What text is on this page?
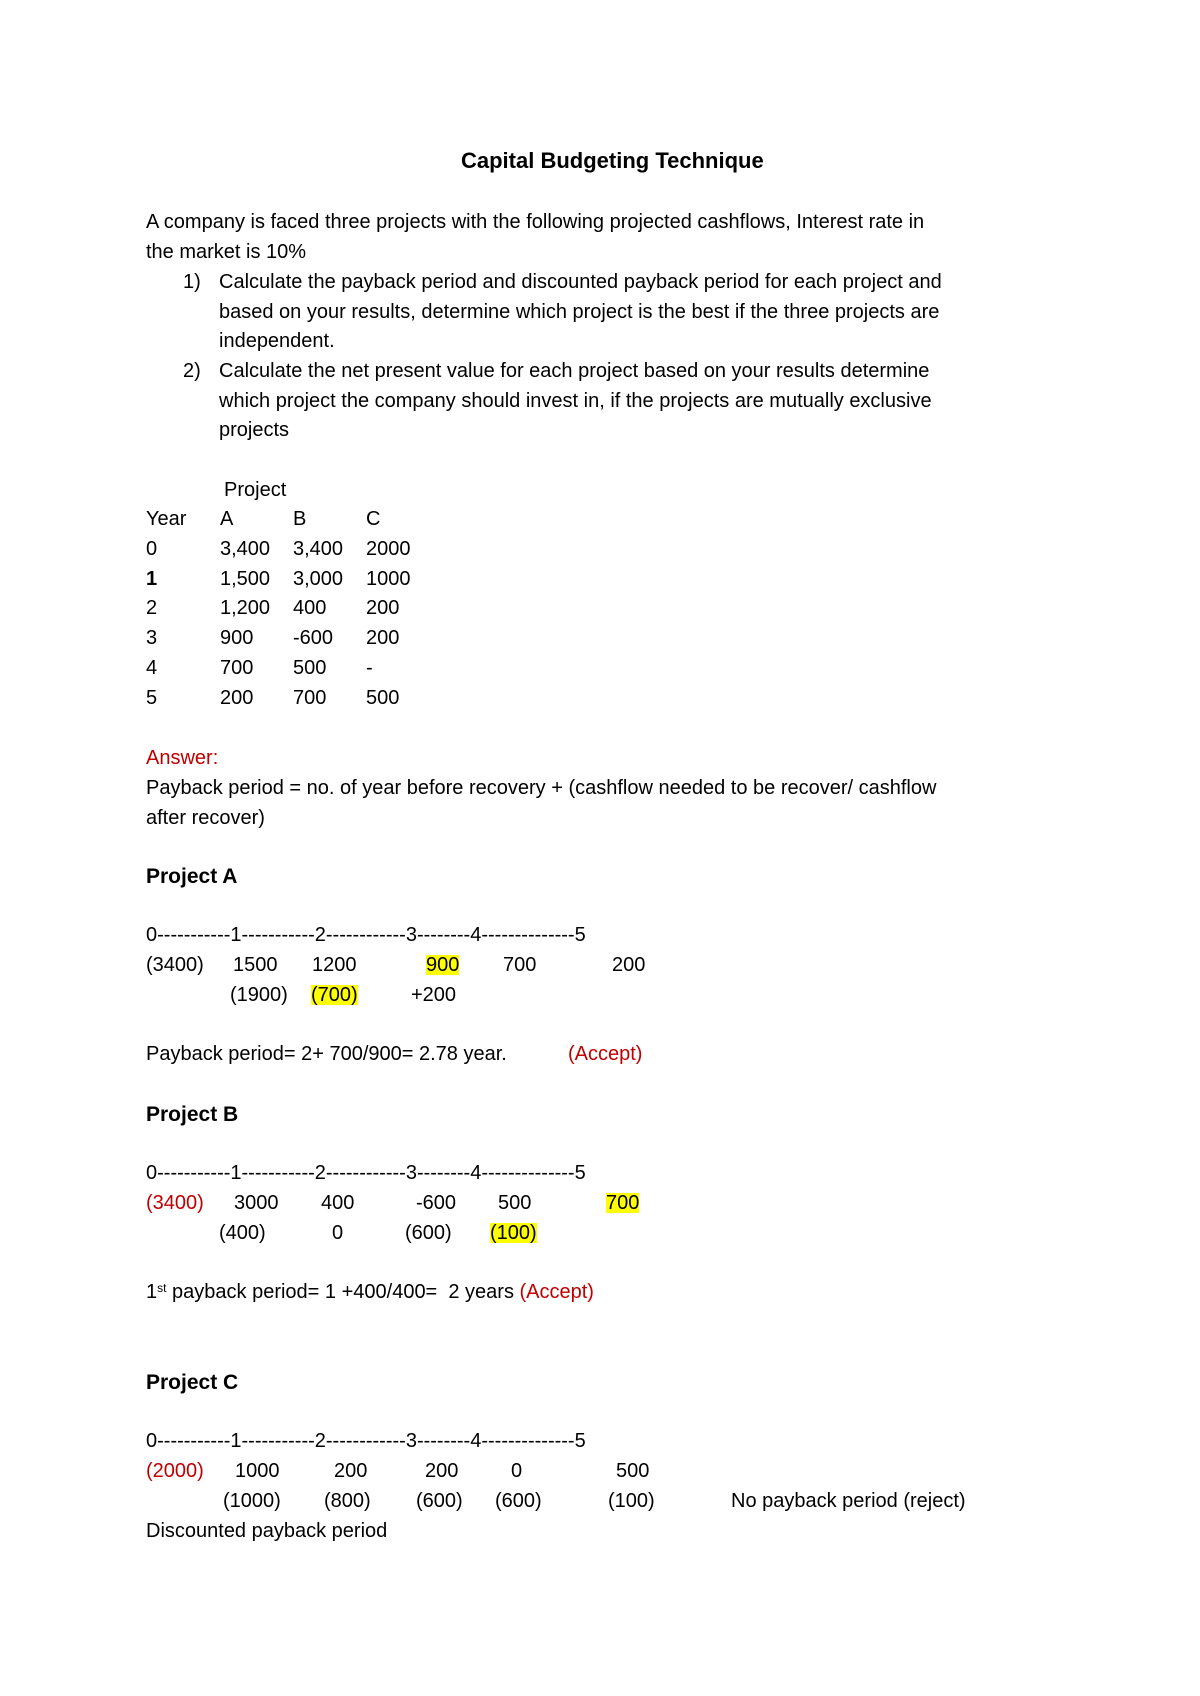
Capital Budgeting Technique
A company is faced three projects with the following projected cashflows, Interest rate in
the market is 10%
1) Calculate the payback period and discounted payback period for each project and
based on your results, determine which project is the best if the three projects are
independent.
2) Calculate the net present value for each project based on your results determine
which project the company should invest in, if the projects are mutually exclusive
projects
Project
Year A	B	C
0	3,400 3,400 2000
1	1,500 3,000 1000
2	1,200 400 200
3	900 -600 200
4	700 500 -
5	200 700 500
Answer:
Payback period = no. of year before recovery + (cashflow needed to be recover/ cashflow
after recover)
Project A
0-----------1-----------2------------3--------4--------------5
(3400) 1500 1200	900 700	200
(1900) (700)	+200
Payback period= 2+ 700/900= 2.78 year.	(Accept)
Project B
0-----------1-----------2------------3--------4--------------5
(3400) 3000 400	-600 500	700
(400)	0	(600) (100)
1st payback period= 1 +400/400=  2 years (Accept)
Project C
0-----------1-----------2------------3--------4--------------5
(2000) 1000	200	200	0	500
(1000) (800) (600) (600)	(100)	No payback period (reject)
Discounted payback period
